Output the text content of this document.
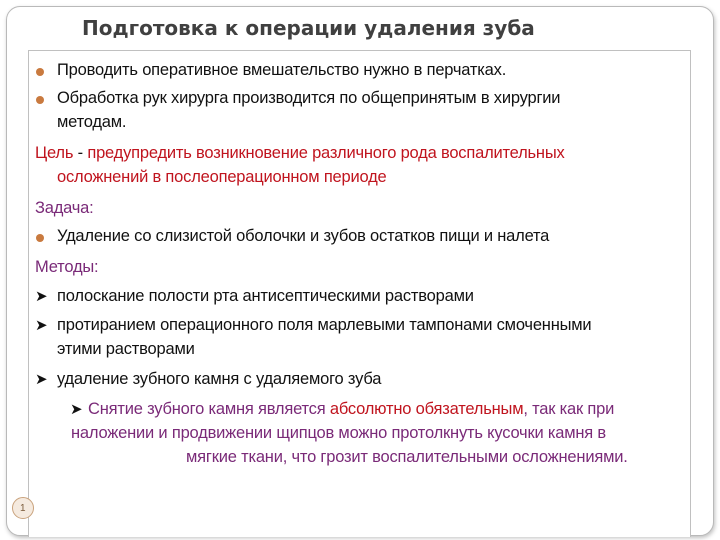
Подготовка к операции удаления зуба
Проводить оперативное вмешательство нужно в перчатках.
Обработка рук хирурга производится по общепринятым в хирургии
методам.
Цель - предупредить возникновение различного рода воспалительных
осложнений в послеоперационном периоде
Задача:
Удаление со слизистой оболочки и зубов остатков пищи и налета
Методы:
➤ полоскание полости рта антисептическими растворами
➤ протиранием операционного поля марлевыми тампонами смоченными
этими растворами
➤ удаление зубного камня с удаляемого зуба
➤ Снятие зубного камня является абсолютно обязательным, так как при
наложении и продвижении щипцов можно протолкнуть кусочки камня в
мягкие ткани, что грозит воспалительными осложнениями.
1
